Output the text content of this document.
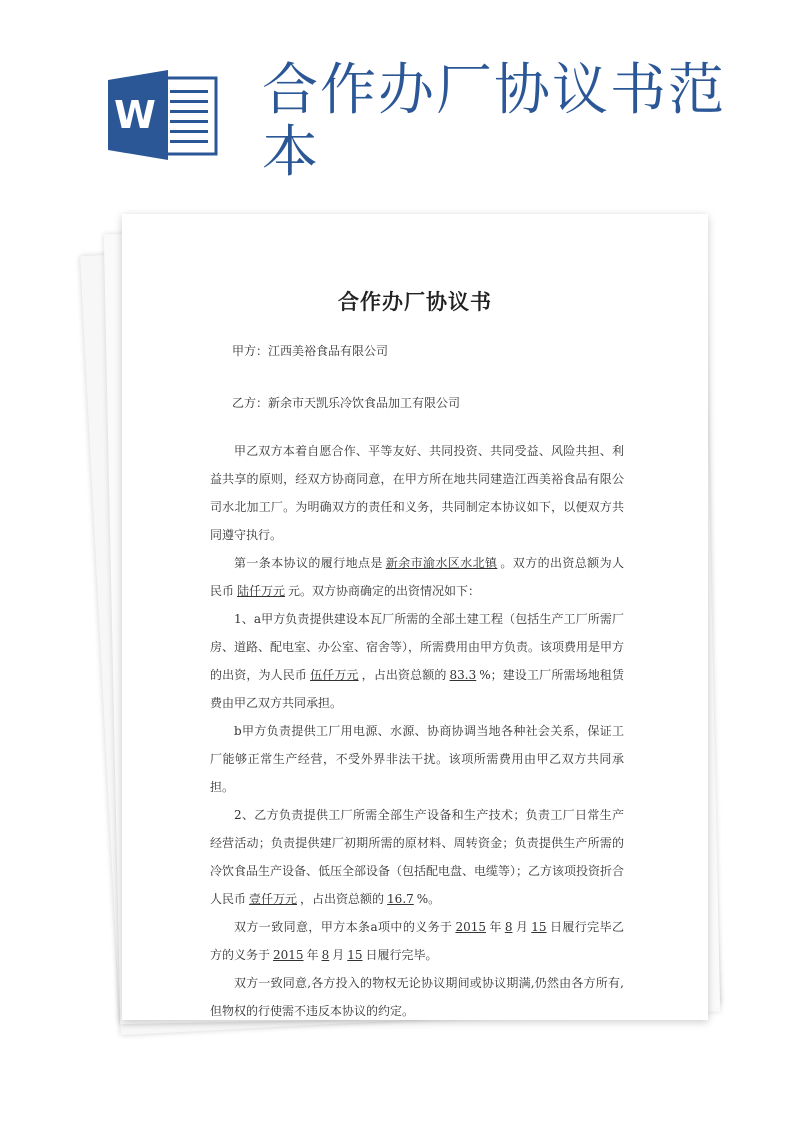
W 合作办厂协议书范本
合作办厂协议书
甲方：江西美裕食品有限公司
乙方：新余市天凯乐冷饮食品加工有限公司

甲乙双方本着自愿合作、平等友好、共同投资、共同受益、风险共担、利益共享的原则，经双方协商同意，在甲方所在地共同建造江西美裕食品有限公司水北加工厂。为明确双方的责任和义务，共同制定本协议如下，以便双方共同遵守执行。

第一条本协议的履行地点是 新余市渝水区水北镇 。双方的出资总额为人民币 陆仟万元 元。双方协商确定的出资情况如下：

1、a甲方负责提供建设本瓦厂所需的全部土建工程（包括生产工厂所需厂房、道路、配电室、办公室、宿舍等），所需费用由甲方负责。该项费用是甲方的出资，为人民币 伍仟万元 ，占出资总额的 83.3 %；建设工厂所需场地租赁费由甲乙双方共同承担。

b甲方负责提供工厂用电源、水源、协商协调当地各种社会关系，保证工厂能够正常生产经营，不受外界非法干扰。该项所需费用由甲乙双方共同承担。

2、乙方负责提供工厂所需全部生产设备和生产技术；负责工厂日常生产经营活动；负责提供建厂初期所需的原材料、周转资金；负责提供生产所需的冷饮食品生产设备、低压全部设备（包括配电盘、电缆等）；乙方该项投资折合人民币 壹仟万元 ，占出资总额的 16.7 %。

双方一致同意，甲方本条a项中的义务于 2015 年 8 月 15 日履行完毕乙方的义务于 2015 年 8 月 15 日履行完毕。

双方一致同意,各方投入的物权无论协议期间或协议期满,仍然由各方所有,但物权的行使需不违反本协议的约定。
